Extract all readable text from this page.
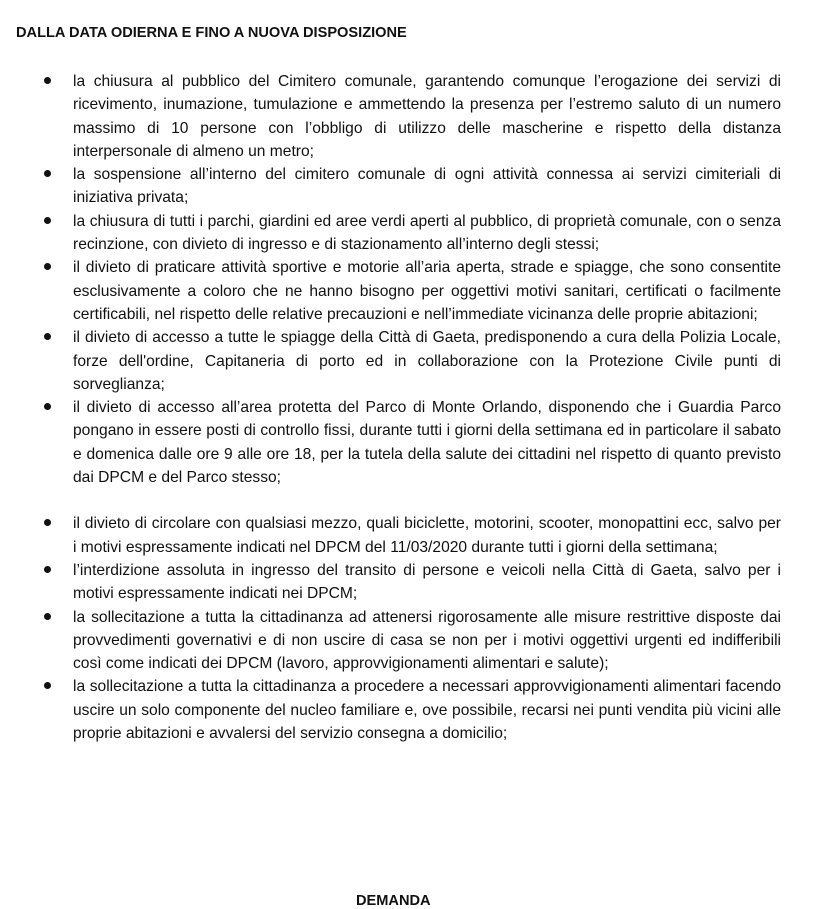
DALLA DATA ODIERNA E FINO A NUOVA DISPOSIZIONE
la chiusura al pubblico del Cimitero comunale, garantendo comunque l’erogazione dei servizi di ricevimento, inumazione, tumulazione e ammettendo la presenza per l’estremo saluto di un numero massimo di 10 persone con l’obbligo di utilizzo delle mascherine e rispetto della distanza interpersonale di almeno un metro;
la sospensione all’interno del cimitero comunale di ogni attività connessa ai servizi cimiteriali di iniziativa privata;
la chiusura di tutti i parchi, giardini ed aree verdi aperti al pubblico, di proprietà comunale, con o senza recinzione, con divieto di ingresso e di stazionamento all’interno degli stessi;
il divieto di praticare attività sportive e motorie all’aria aperta, strade e spiagge, che sono consentite esclusivamente a coloro che ne hanno bisogno per oggettivi motivi sanitari, certificati o facilmente certificabili, nel rispetto delle relative precauzioni e nell’immediate vicinanza delle proprie abitazioni;
il divieto di accesso a tutte le spiagge della Città di Gaeta, predisponendo a cura della Polizia Locale, forze dell'ordine, Capitaneria di porto ed in collaborazione con la Protezione Civile punti di sorveglianza;
il divieto di accesso all’area protetta del Parco di Monte Orlando, disponendo che i Guardia Parco pongano in essere posti di controllo fissi, durante tutti i giorni della settimana ed in particolare il sabato e domenica dalle ore 9 alle ore 18, per la tutela della salute dei cittadini nel rispetto di quanto previsto dai DPCM e del Parco stesso;
il divieto di circolare con qualsiasi mezzo, quali biciclette, motorini, scooter, monopattini ecc, salvo per i motivi espressamente indicati nel DPCM del 11/03/2020 durante tutti i giorni della settimana;
l’interdizione assoluta in ingresso del transito di persone e veicoli nella Città di Gaeta, salvo per i motivi espressamente indicati nei DPCM;
la sollecitazione a tutta la cittadinanza ad attenersi rigorosamente alle misure restrittive disposte dai provvedimenti governativi e di non uscire di casa se non per i motivi oggettivi urgenti ed indifferibili così come indicati dei DPCM (lavoro, approvvigionamenti alimentari e salute);
la sollecitazione a tutta la cittadinanza a procedere a necessari approvvigionamenti alimentari facendo uscire un solo componente del nucleo familiare e, ove possibile, recarsi nei punti vendita più vicini alle proprie abitazioni e avvalersi del servizio consegna a domicilio;
DEMANDA
